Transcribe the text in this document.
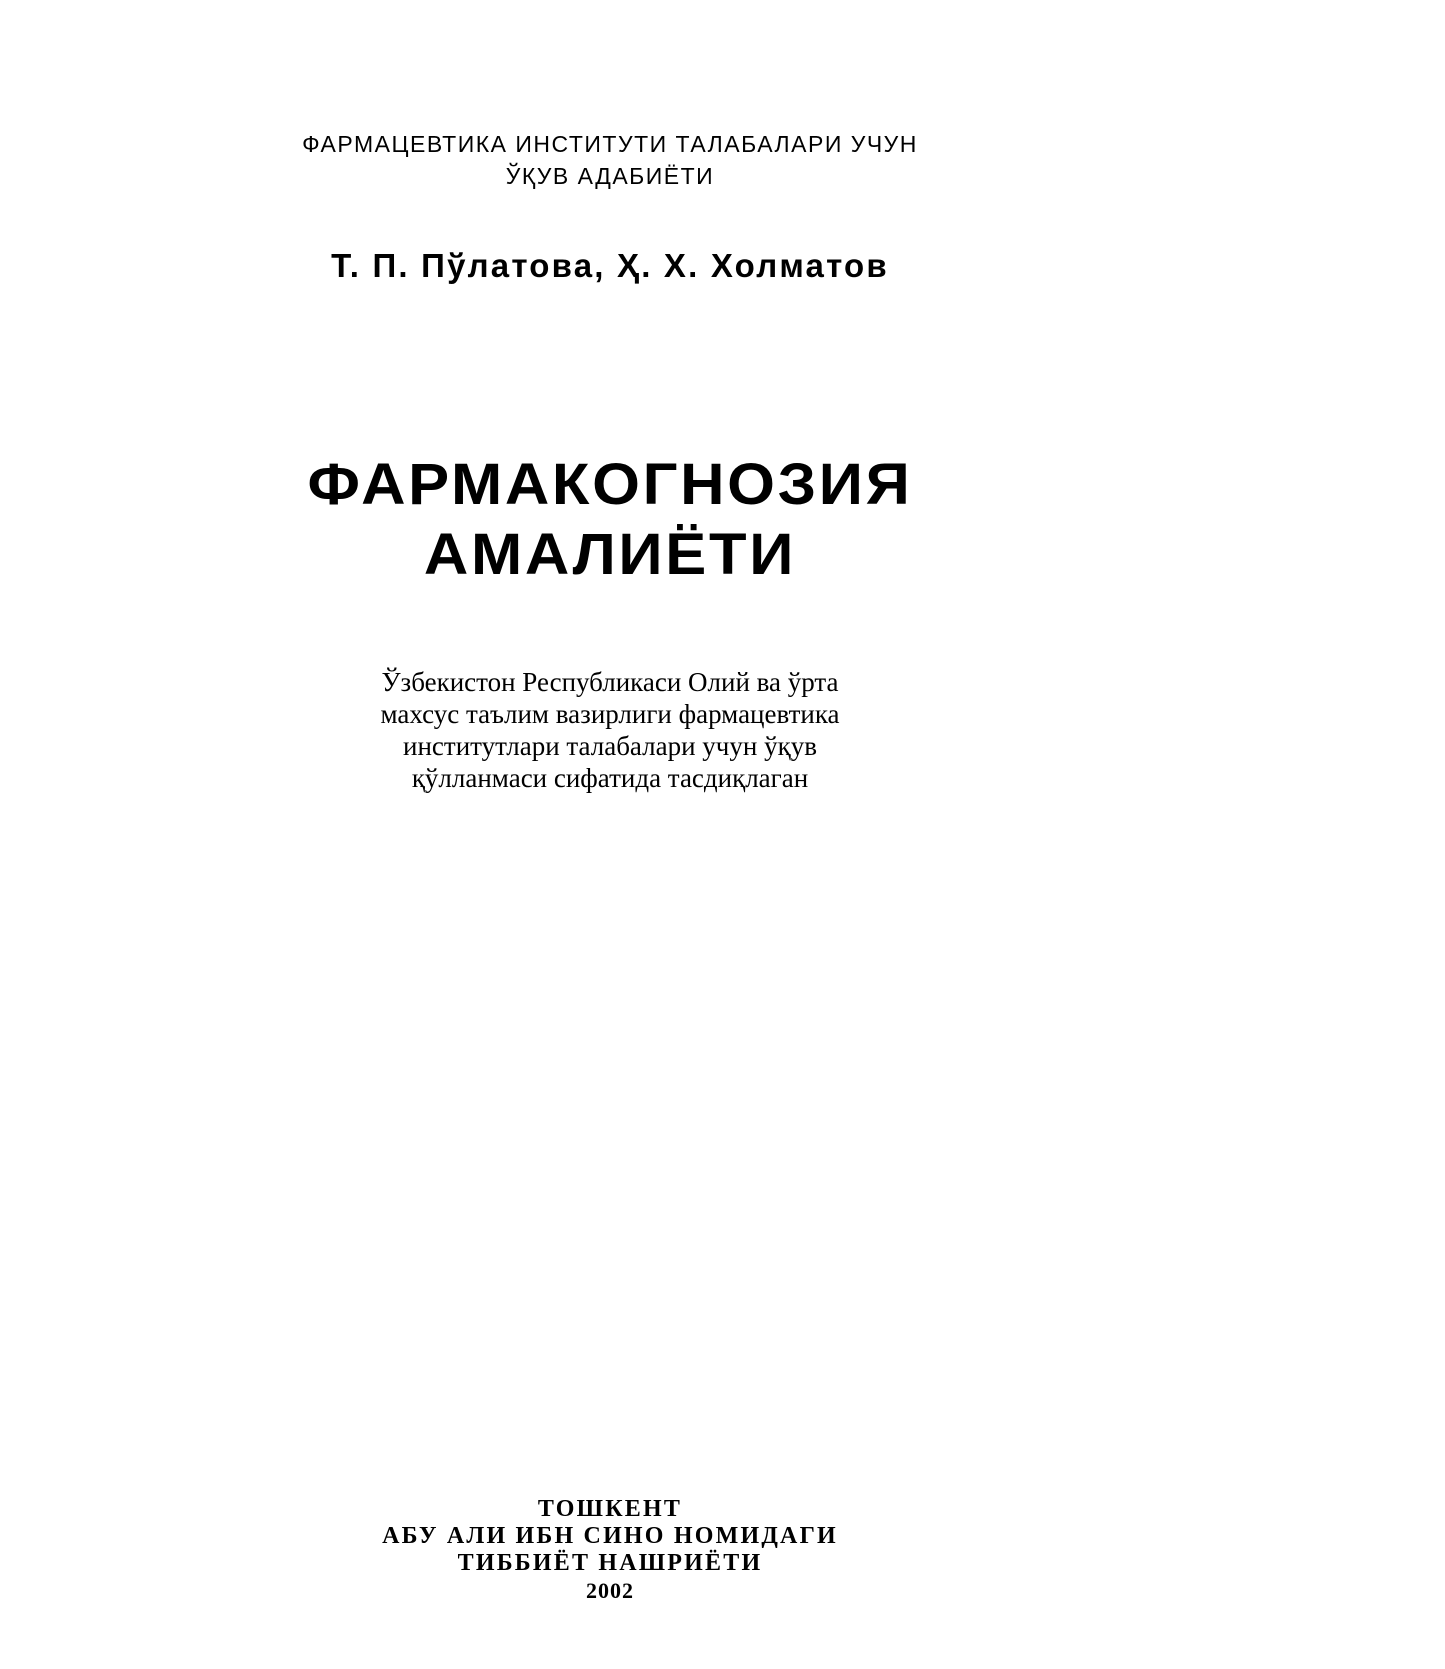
ФАРМАЦЕВТИКА ИНСТИТУТИ ТАЛАБАЛАРИ УЧУН
ЎҚУВ АДАБИЁТИ
Т. П. Пўлатова, Ҳ. Х. Холматов
ФАРМАКОГНОЗИЯ
АМАЛИЁТИ
Ўзбекистон Республикаси Олий ва ўрта
махсус таълим вазирлиги фармацевтика
институтлари талабалари учун ўқув
қўлланмаси сифатида тасдиқлаган
ТОШКЕНТ
АБУ АЛИ ИБН СИНО НОМИДАГИ
ТИББИЁТ НАШРИЁТИ
2002
